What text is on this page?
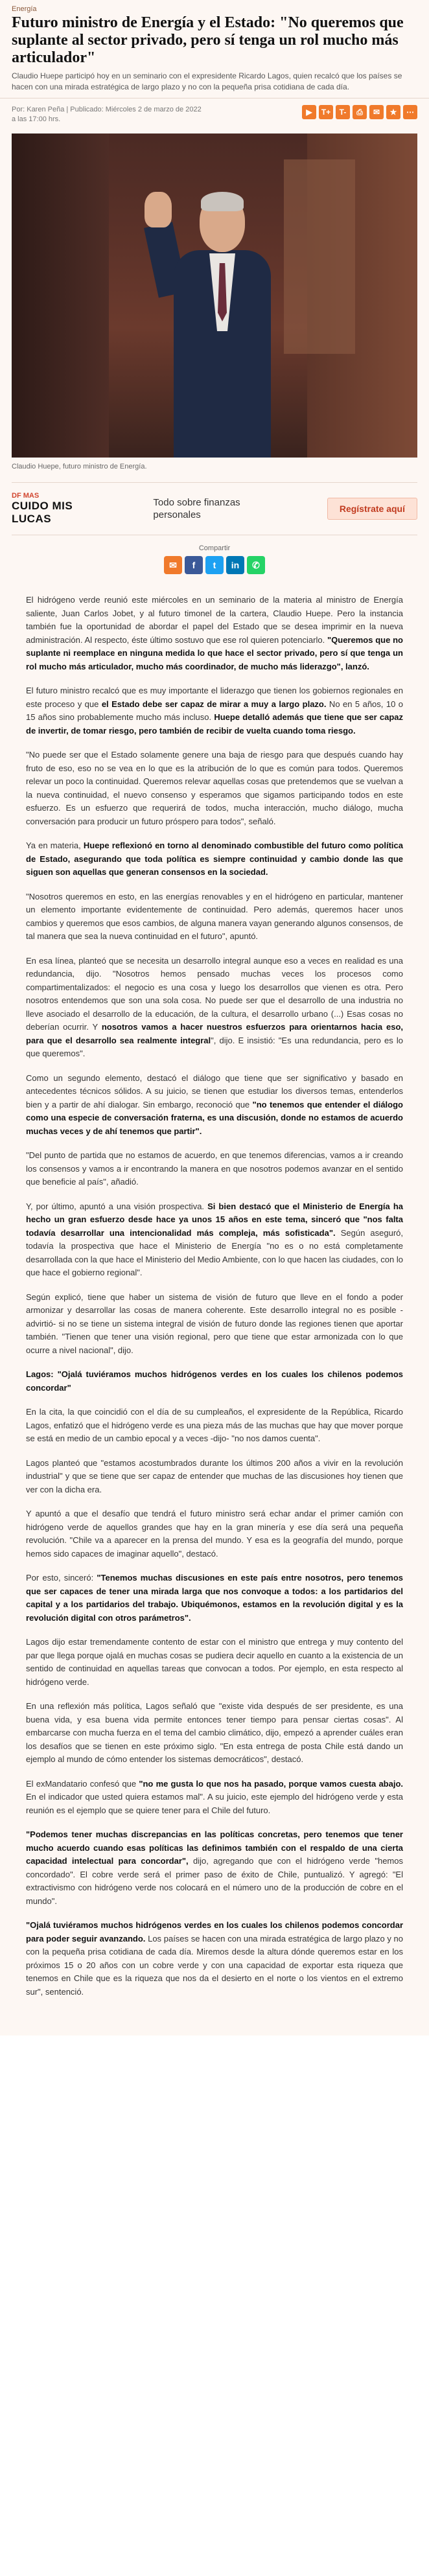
Energía
Futuro ministro de Energía y el Estado: "No queremos que suplante al sector privado, pero sí tenga un rol mucho más articulador"

Claudio Huepe participó hoy en un seminario con el expresidente Ricardo Lagos, quien recalcó que los países se hacen con una mirada estratégica de largo plazo y no con la pequeña prisa cotidiana de cada día.

Por: Karen Peña | Publicado: Miércoles 2 de marzo de 2022 a las 17:00 hrs.
▶	T+	T-	⎙	✉	★	⋯
Claudio Huepe, futuro ministro de Energía.
DF MAS
CUIDO MIS LUCAS
Todo sobre finanzas personales
Regístrate aquí
Compartir
✉	f	t	in	✆

El hidrógeno verde reunió este miércoles en un seminario de la materia al ministro de Energía saliente, Juan Carlos Jobet, y al futuro timonel de la cartera, Claudio Huepe. Pero la instancia también fue la oportunidad de abordar el papel del Estado que se desea imprimir en la nueva administración. Al respecto, éste último sostuvo que ese rol quieren potenciarlo. "Queremos que no suplante ni reemplace en ninguna medida lo que hace el sector privado, pero sí que tenga un rol mucho más articulador, mucho más coordinador, de mucho más liderazgo", lanzó.

El futuro ministro recalcó que es muy importante el liderazgo que tienen los gobiernos regionales en este proceso y que el Estado debe ser capaz de mirar a muy a largo plazo. No en 5 años, 10 o 15 años sino probablemente mucho más incluso. Huepe detalló además que tiene que ser capaz de invertir, de tomar riesgo, pero también de recibir de vuelta cuando toma riesgo.

"No puede ser que el Estado solamente genere una baja de riesgo para que después cuando hay fruto de eso, eso no se vea en lo que es la atribución de lo que es común para todos. Queremos relevar un poco la continuidad. Queremos relevar aquellas cosas que pretendemos que se vuelvan a la nueva continuidad, el nuevo consenso y esperamos que sigamos participando todos en este esfuerzo. Es un esfuerzo que requerirá de todos, mucha interacción, mucho diálogo, mucha conversación para producir un futuro próspero para todos", señaló.

Ya en materia, Huepe reflexionó en torno al denominado combustible del futuro como política de Estado, asegurando que toda política es siempre continuidad y cambio donde las que siguen son aquellas que generan consensos en la sociedad.

"Nosotros queremos en esto, en las energías renovables y en el hidrógeno en particular, mantener un elemento importante evidentemente de continuidad. Pero además, queremos hacer unos cambios y queremos que esos cambios, de alguna manera vayan generando algunos consensos, de tal manera que sea la nueva continuidad en el futuro", apuntó.

En esa línea, planteó que se necesita un desarrollo integral aunque eso a veces en realidad es una redundancia, dijo. "Nosotros hemos pensado muchas veces los procesos como compartimentalizados: el negocio es una cosa y luego los desarrollos que vienen es otra. Pero nosotros entendemos que son una sola cosa. No puede ser que el desarrollo de una industria no lleve asociado el desarrollo de la educación, de la cultura, el desarrollo urbano (...) Esas cosas no deberían ocurrir. Y nosotros vamos a hacer nuestros esfuerzos para orientarnos hacia eso, para que el desarrollo sea realmente integral", dijo. E insistió: "Es una redundancia, pero es lo que queremos".

Como un segundo elemento, destacó el diálogo que tiene que ser significativo y basado en antecedentes técnicos sólidos. A su juicio, se tienen que estudiar los diversos temas, entenderlos bien y a partir de ahí dialogar. Sin embargo, reconoció que "no tenemos que entender el diálogo como una especie de conversación fraterna, es una discusión, donde no estamos de acuerdo muchas veces y de ahí tenemos que partir".

"Del punto de partida que no estamos de acuerdo, en que tenemos diferencias, vamos a ir creando los consensos y vamos a ir encontrando la manera en que nosotros podemos avanzar en el sentido que beneficie al país", añadió.

Y, por último, apuntó a una visión prospectiva. Si bien destacó que el Ministerio de Energía ha hecho un gran esfuerzo desde hace ya unos 15 años en este tema, sinceró que "nos falta todavía desarrollar una intencionalidad más compleja, más sofisticada". Según aseguró, todavía la prospectiva que hace el Ministerio de Energía "no es o no está completamente desarrollada con la que hace el Ministerio del Medio Ambiente, con lo que hacen las ciudades, con lo que hace el gobierno regional".

Según explicó, tiene que haber un sistema de visión de futuro que lleve en el fondo a poder armonizar y desarrollar las cosas de manera coherente. Este desarrollo integral no es posible -advirtió- si no se tiene un sistema integral de visión de futuro donde las regiones tienen que aportar también. "Tienen que tener una visión regional, pero que tiene que estar armonizada con lo que ocurre a nivel nacional", dijo.

Lagos: "Ojalá tuviéramos muchos hidrógenos verdes en los cuales los chilenos podemos concordar"

En la cita, la que coincidió con el día de su cumpleaños, el expresidente de la República, Ricardo Lagos, enfatizó que el hidrógeno verde es una pieza más de las muchas que hay que mover porque se está en medio de un cambio epocal y a veces -dijo- "no nos damos cuenta".

Lagos planteó que "estamos acostumbrados durante los últimos 200 años a vivir en la revolución industrial" y que se tiene que ser capaz de entender que muchas de las discusiones hoy tienen que ver con la dicha era.

Y apuntó a que el desafío que tendrá el futuro ministro será echar andar el primer camión con hidrógeno verde de aquellos grandes que hay en la gran minería y ese día será una pequeña revolución. "Chile va a aparecer en la prensa del mundo. Y esa es la geografía del mundo, porque hemos sido capaces de imaginar aquello", destacó.

Por esto, sinceró: "Tenemos muchas discusiones en este país entre nosotros, pero tenemos que ser capaces de tener una mirada larga que nos convoque a todos: a los partidarios del capital y a los partidarios del trabajo. Ubiquémonos, estamos en la revolución digital y es la revolución digital con otros parámetros".

Lagos dijo estar tremendamente contento de estar con el ministro que entrega y muy contento del par que llega porque ojalá en muchas cosas se pudiera decir aquello en cuanto a la existencia de un sentido de continuidad en aquellas tareas que convocan a todos. Por ejemplo, en esta respecto al hidrógeno verde.

En una reflexión más política, Lagos señaló que "existe vida después de ser presidente, es una buena vida, y esa buena vida permite entonces tener tiempo para pensar ciertas cosas". Al embarcarse con mucha fuerza en el tema del cambio climático, dijo, empezó a aprender cuáles eran los desafíos que se tienen en este próximo siglo. "En esta entrega de posta Chile está dando un ejemplo al mundo de cómo entender los sistemas democráticos", destacó.

El exMandatario confesó que "no me gusta lo que nos ha pasado, porque vamos cuesta abajo. En el indicador que usted quiera estamos mal". A su juicio, este ejemplo del hidrógeno verde y esta reunión es el ejemplo que se quiere tener para el Chile del futuro.

"Podemos tener muchas discrepancias en las políticas concretas, pero tenemos que tener mucho acuerdo cuando esas políticas las definimos también con el respaldo de una cierta capacidad intelectual para concordar", dijo, agregando que con el hidrógeno verde "hemos concordado". El cobre verde será el primer paso de éxito de Chile, puntualizó. Y agregó: "El extractivismo con hidrógeno verde nos colocará en el número uno de la producción de cobre en el mundo".

"Ojalá tuviéramos muchos hidrógenos verdes en los cuales los chilenos podemos concordar para poder seguir avanzando. Los países se hacen con una mirada estratégica de largo plazo y no con la pequeña prisa cotidiana de cada día. Miremos desde la altura dónde queremos estar en los próximos 15 o 20 años con un cobre verde y con una capacidad de exportar esta riqueza que tenemos en Chile que es la riqueza que nos da el desierto en el norte o los vientos en el extremo sur", sentenció.
